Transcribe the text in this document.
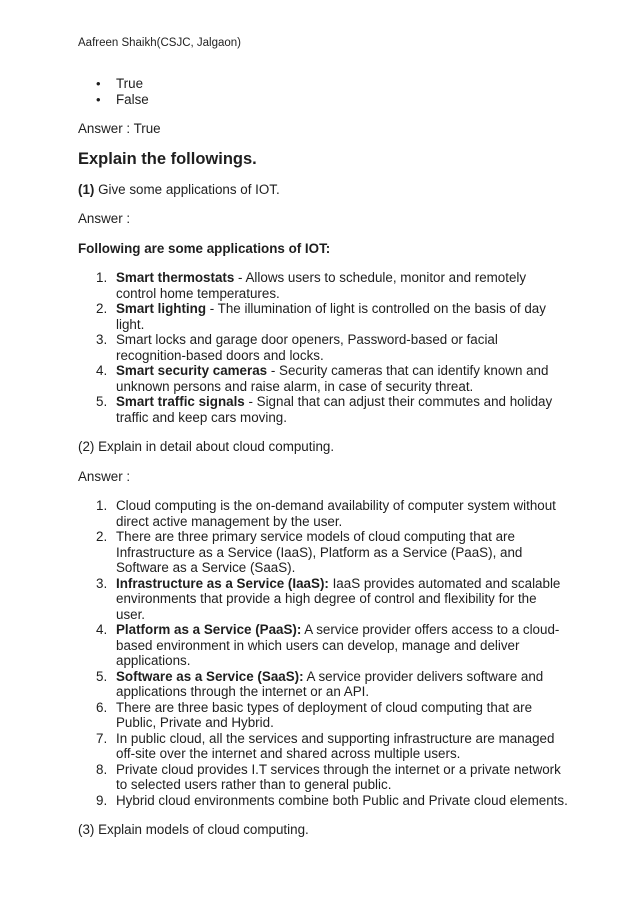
Aafreen Shaikh(CSJC, Jalgaon)
• True
• False

Answer : True

Explain the followings.

(1) Give some applications of IOT.

Answer :

Following are some applications of IOT:

1. Smart thermostats - Allows users to schedule, monitor and remotely control home temperatures.
2. Smart lighting - The illumination of light is controlled on the basis of day light.
3. Smart locks and garage door openers, Password-based or facial recognition-based doors and locks.
4. Smart security cameras - Security cameras that can identify known and unknown persons and raise alarm, in case of security threat.
5. Smart traffic signals - Signal that can adjust their commutes and holiday traffic and keep cars moving.

(2) Explain in detail about cloud computing.

Answer :

1. Cloud computing is the on-demand availability of computer system without direct active management by the user.
2. There are three primary service models of cloud computing that are Infrastructure as a Service (IaaS), Platform as a Service (PaaS), and Software as a Service (SaaS).
3. Infrastructure as a Service (IaaS): IaaS provides automated and scalable environments that provide a high degree of control and flexibility for the user.
4. Platform as a Service (PaaS): A service provider offers access to a cloud-based environment in which users can develop, manage and deliver applications.
5. Software as a Service (SaaS): A service provider delivers software and applications through the internet or an API.
6. There are three basic types of deployment of cloud computing that are Public, Private and Hybrid.
7. In public cloud, all the services and supporting infrastructure are managed off-site over the internet and shared across multiple users.
8. Private cloud provides I.T services through the internet or a private network to selected users rather than to general public.
9. Hybrid cloud environments combine both Public and Private cloud elements.

(3) Explain models of cloud computing.
